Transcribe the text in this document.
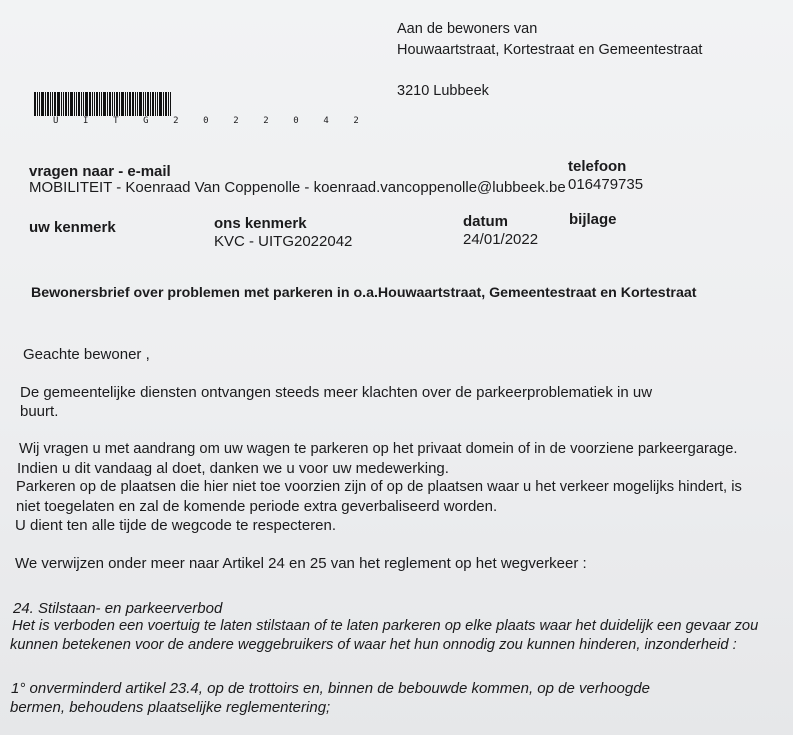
Aan de bewoners van
Houwaartstraat, Kortestraat en Gemeentestraat
3210 Lubbeek
U I T G 2 0 2 2 0 4 2
vragen naar - e-mail
MOBILITEIT - Koenraad Van Coppenolle - koenraad.vancoppenolle@lubbeek.be
telefoon
016479735
uw kenmerk	ons kenmerk
KVC - UITG2022042
datum
24/01/2022
bijlage
Bewonersbrief over problemen met parkeren in o.a.Houwaartstraat, Gemeentestraat en Kortestraat
Geachte bewoner ,
De gemeentelijke diensten ontvangen steeds meer klachten over de parkeerproblematiek in uw
buurt.
Wij vragen u met aandrang om uw wagen te parkeren op het privaat domein of in de voorziene parkeergarage.
Indien u dit vandaag al doet, danken we u voor uw medewerking.
Parkeren op de plaatsen die hier niet toe voorzien zijn of op de plaatsen waar u het verkeer mogelijks hindert, is
niet toegelaten en zal de komende periode extra geverbaliseerd worden.
U dient ten alle tijde de wegcode te respecteren.
We verwijzen onder meer naar Artikel 24 en 25 van het reglement op het wegverkeer :
24. Stilstaan- en parkeerverbod
Het is verboden een voertuig te laten stilstaan of te laten parkeren op elke plaats waar het duidelijk een gevaar zou
kunnen betekenen voor de andere weggebruikers of waar het hun onnodig zou kunnen hinderen, inzonderheid :
1° onverminderd artikel 23.4, op de trottoirs en, binnen de bebouwde kommen, op de verhoogde
bermen, behoudens plaatselijke reglementering;
